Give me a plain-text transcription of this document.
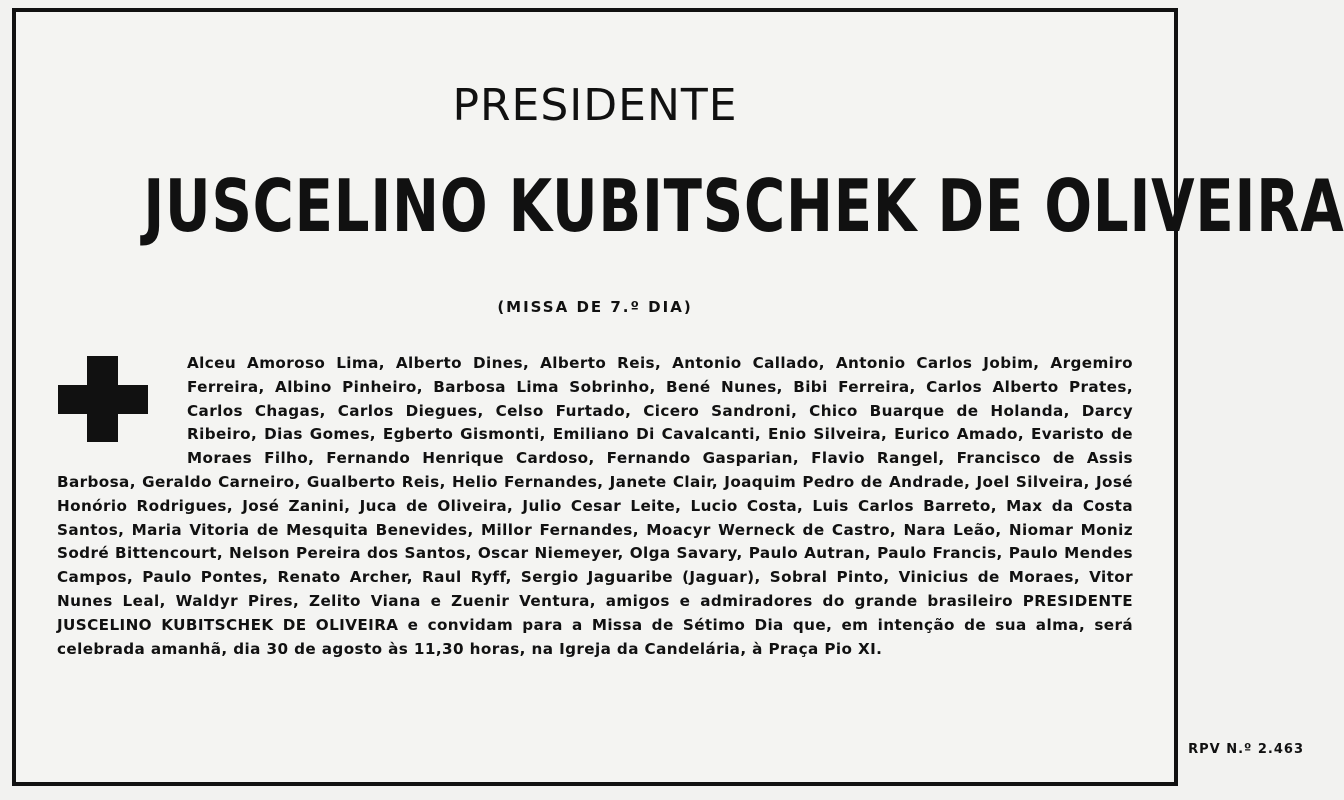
PRESIDENTE
JUSCELINO KUBITSCHEK DE OLIVEIRA
(MISSA DE 7.º DIA)
Alceu Amoroso Lima, Alberto Dines, Alberto Reis, Antonio Callado, Antonio Carlos Jobim, Argemiro Ferreira, Albino Pinheiro, Barbosa Lima Sobrinho, Bené Nunes, Bibi Ferreira, Carlos Alberto Prates, Carlos Chagas, Carlos Diegues, Celso Furtado, Cicero Sandroni, Chico Buarque de Holanda, Darcy Ribeiro, Dias Gomes, Egberto Gismonti, Emiliano Di Cavalcanti, Enio Silveira, Eurico Amado, Evaristo de Moraes Filho, Fernando Henrique Cardoso, Fernando Gasparian, Flavio Rangel, Francisco de Assis Barbosa, Geraldo Carneiro, Gualberto Reis, Helio Fernandes, Janete Clair, Joaquim Pedro de Andrade, Joel Silveira, José Honório Rodrigues, José Zanini, Juca de Oliveira, Julio Cesar Leite, Lucio Costa, Luis Carlos Barreto, Max da Costa Santos, Maria Vitoria de Mesquita Benevides, Millor Fernandes, Moacyr Werneck de Castro, Nara Leão, Niomar Moniz Sodré Bittencourt, Nelson Pereira dos Santos, Oscar Niemeyer, Olga Savary, Paulo Autran, Paulo Francis, Paulo Mendes Campos, Paulo Pontes, Renato Archer, Raul Ryff, Sergio Jaguaribe (Jaguar), Sobral Pinto, Vinicius de Moraes, Vitor Nunes Leal, Waldyr Pires, Zelito Viana e Zuenir Ventura, amigos e admiradores do grande brasileiro PRESIDENTE JUSCELINO KUBITSCHEK DE OLIVEIRA e convidam para a Missa de Sétimo Dia que, em intenção de sua alma, será celebrada amanhã, dia 30 de agosto às 11,30 horas, na Igreja da Candelária, à Praça Pio XI.
RPV N.º 2.463
